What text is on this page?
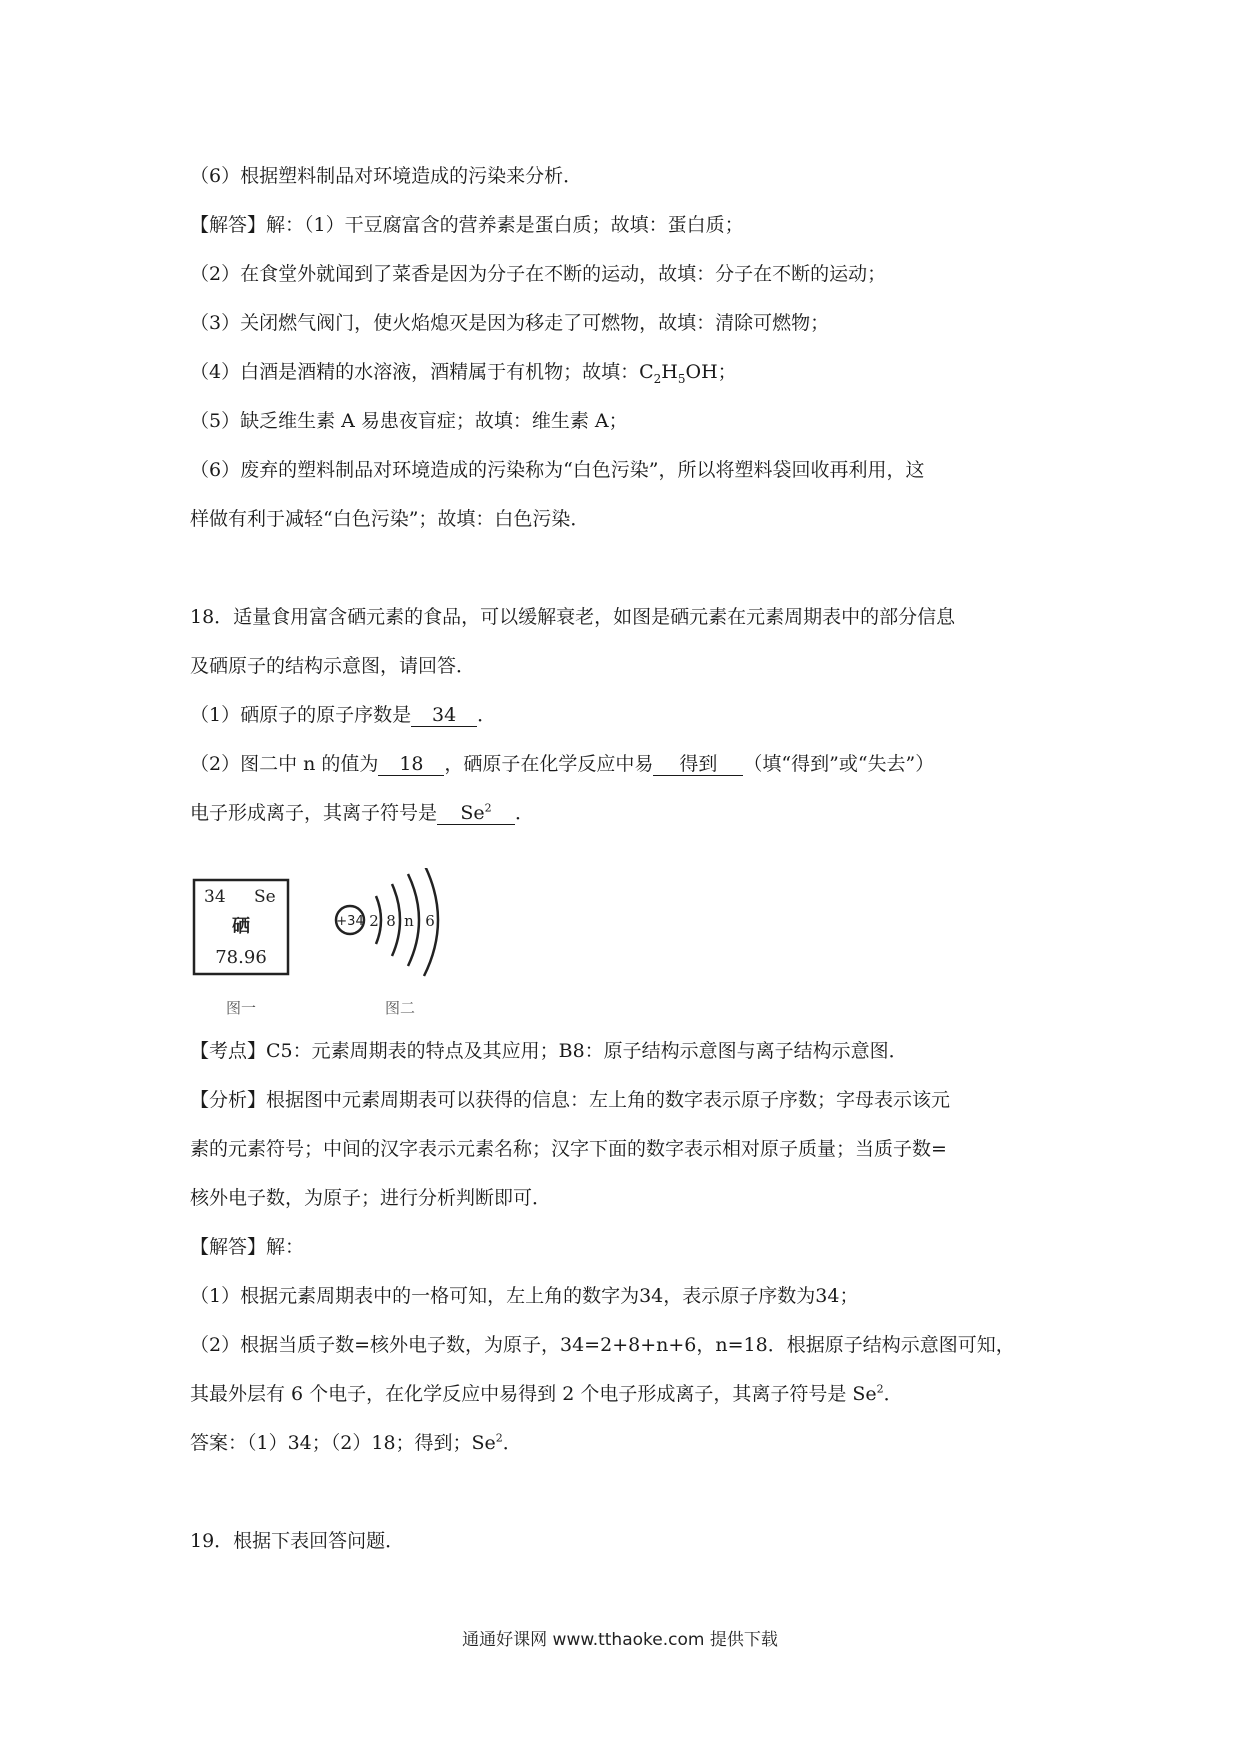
（6）根据塑料制品对环境造成的污染来分析．
【解答】解：（1）干豆腐富含的营养素是蛋白质；故填：蛋白质；
（2）在食堂外就闻到了菜香是因为分子在不断的运动，故填：分子在不断的运动；
（3）关闭燃气阀门，使火焰熄灭是因为移走了可燃物，故填：清除可燃物；
（4）白酒是酒精的水溶液，酒精属于有机物；故填：$C_2H_5OH$；
（5）缺乏维生素 A 易患夜盲症；故填：维生素 A；
（6）废弃的塑料制品对环境造成的污染称为“白色污染”，所以将塑料袋回收再利用，这
样做有利于减轻“白色污染”；故填：白色污染．
18．适量食用富含硒元素的食品，可以缓解衰老，如图是硒元素在元素周期表中的部分信息
及硒原子的结构示意图，请回答．
（1）硒原子的原子序数是 34 ．
（2）图二中 n 的值为 18 ，硒原子在化学反应中易 得到 （填“得到”或“失去”）
电子形成离子，其离子符号是 Se$^2$ ．
34 Se
硒
78.96
图一
+34 2 8 n 6
图二
【考点】C5：元素周期表的特点及其应用；B8：原子结构示意图与离子结构示意图．
【分析】根据图中元素周期表可以获得的信息：左上角的数字表示原子序数；字母表示该元
素的元素符号；中间的汉字表示元素名称；汉字下面的数字表示相对原子质量；当质子数=
核外电子数，为原子；进行分析判断即可．
【解答】解：
（1）根据元素周期表中的一格可知，左上角的数字为34，表示原子序数为34；
（2）根据当质子数=核外电子数，为原子，34=2+8+n+6，n=18．根据原子结构示意图可知，
其最外层有 6 个电子，在化学反应中易得到 2 个电子形成离子，其离子符号是 Se$^2$．
答案：（1）34；（2）18；得到；Se$^2$．
19．根据下表回答问题．
通通好课网 www.tthaoke.com 提供下载
